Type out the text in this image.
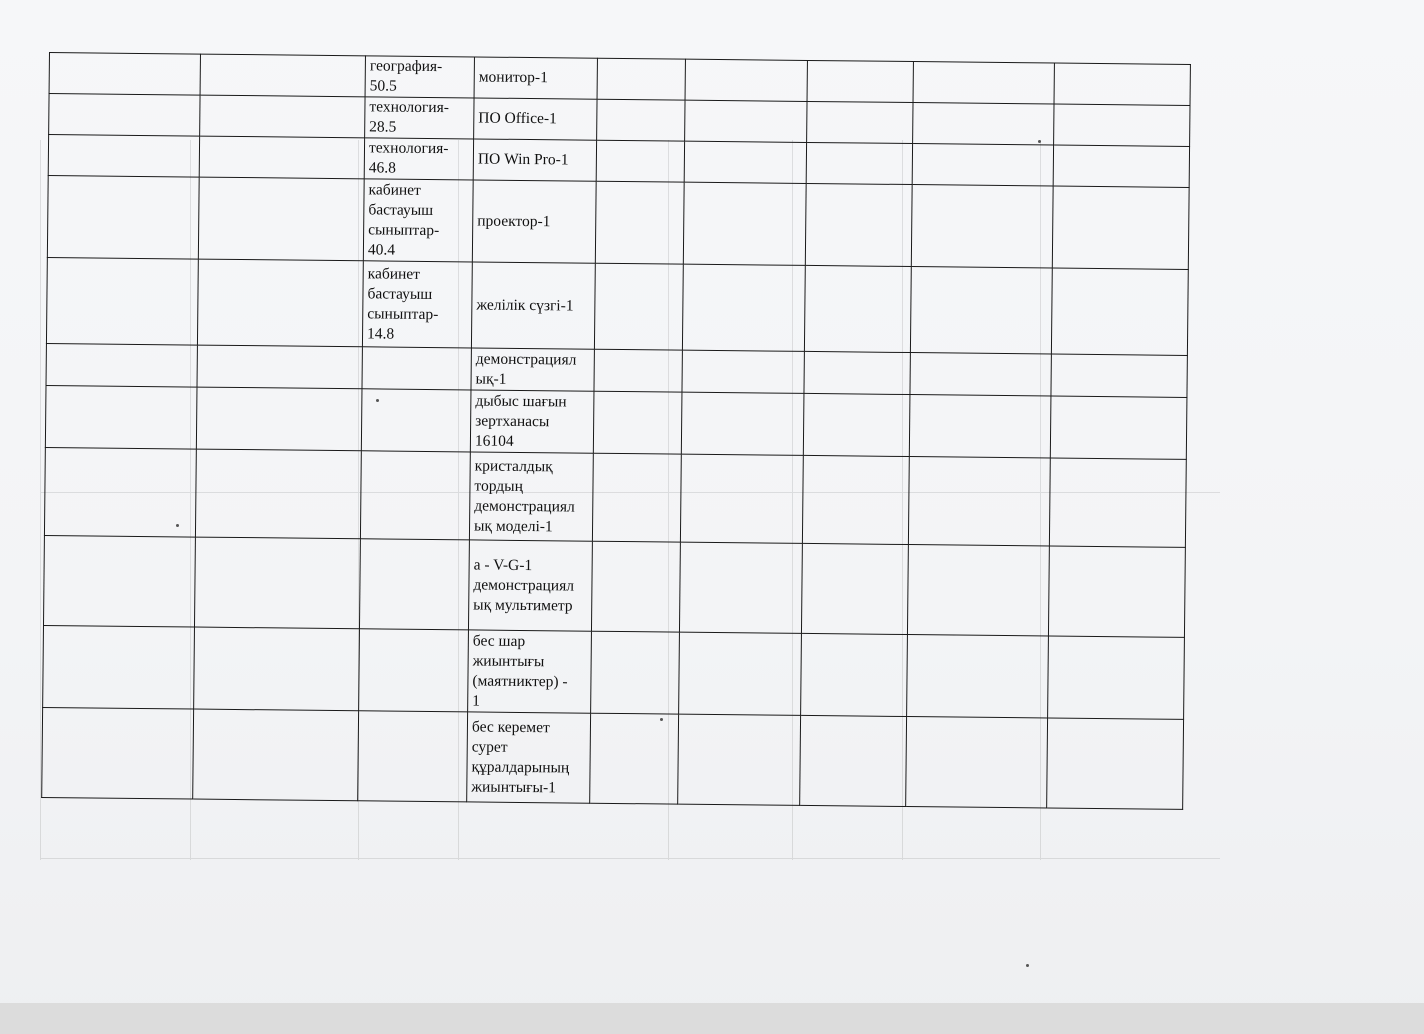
		география-
50.5	монитор-1					
		технология-
28.5	ПО Office-1					
		технология-
46.8	ПО Win Pro-1					
		кабинет
бастауыш
сыныптар-
40.4	проектор-1					
		кабинет
бастауыш
сыныптар-
14.8	желілік сүзгі-1					
			демонстрациял
ық-1					
			дыбыс шағын
зертханасы
16104					
			кристалдық
тордың
демонстрациял
ық моделі-1					
			a - V-G-1
демонстрациял
ық мультиметр					
			бес шар
жиынтығы
(маятниктер) -
1					
			бес керемет
сурет
құралдарының
жиынтығы-1					
